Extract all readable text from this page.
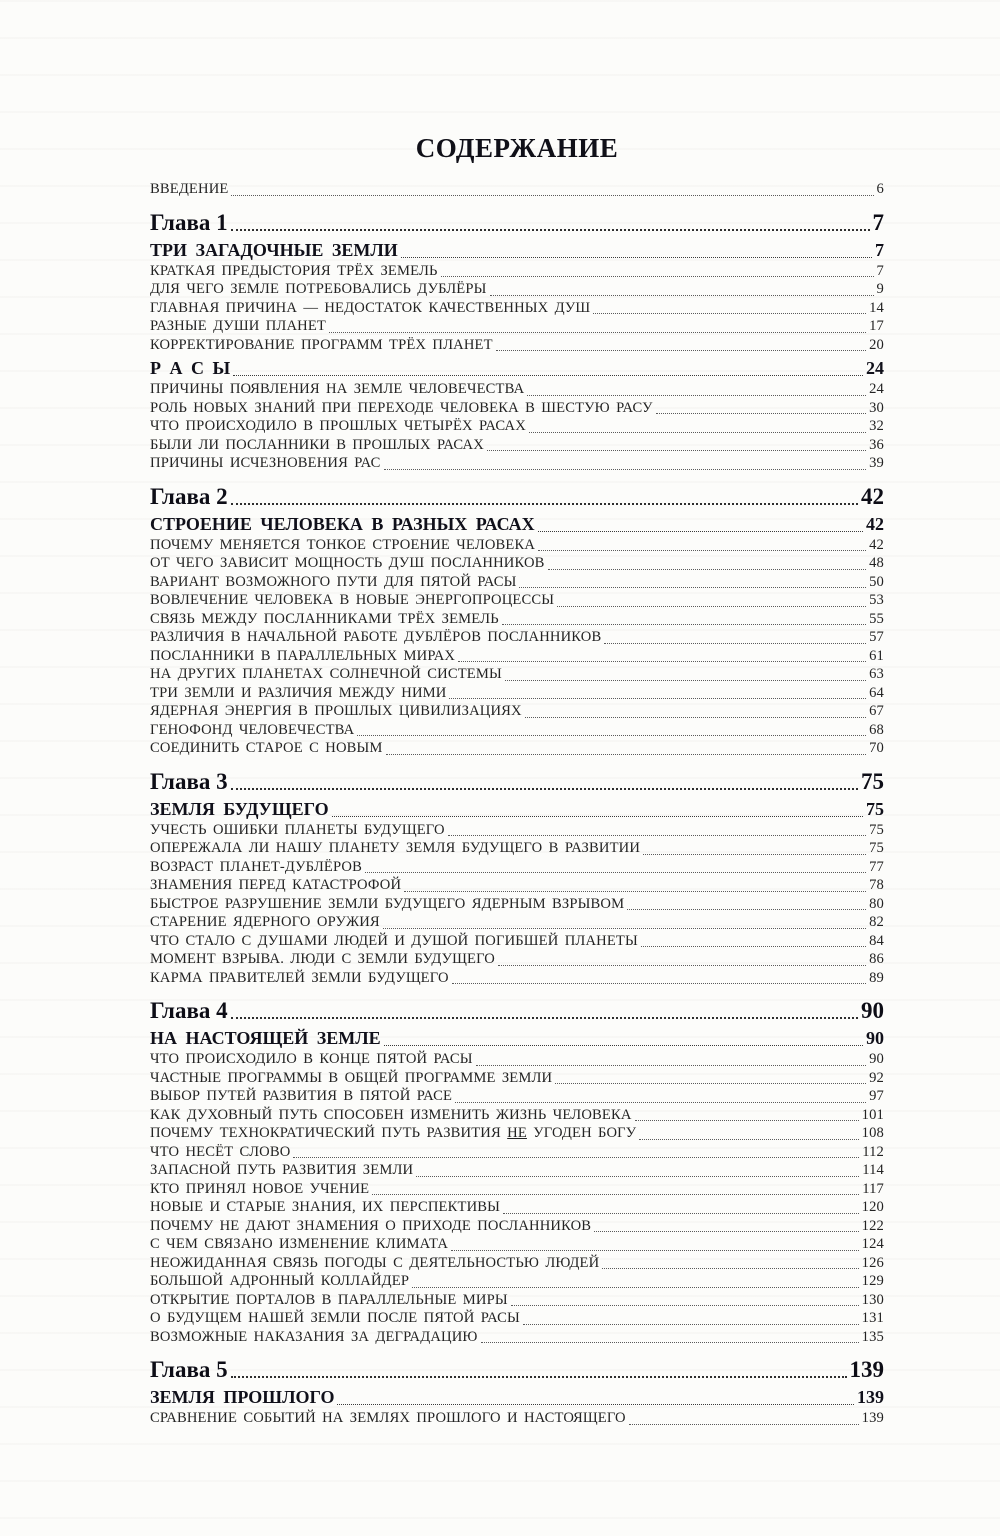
СОДЕРЖАНИЕ
ВВЕДЕНИЕ	6
Глава 1	7
ТРИ ЗАГАДОЧНЫЕ ЗЕМЛИ	7
КРАТКАЯ ПРЕДЫСТОРИЯ ТРЁХ ЗЕМЕЛЬ	7
ДЛЯ ЧЕГО ЗЕМЛЕ ПОТРЕБОВАЛИСЬ ДУБЛЁРЫ	9
ГЛАВНАЯ ПРИЧИНА — НЕДОСТАТОК КАЧЕСТВЕННЫХ ДУШ	14
РАЗНЫЕ ДУШИ ПЛАНЕТ	17
КОРРЕКТИРОВАНИЕ ПРОГРАММ ТРЁХ ПЛАНЕТ	20
Р А С Ы	24
ПРИЧИНЫ ПОЯВЛЕНИЯ НА ЗЕМЛЕ ЧЕЛОВЕЧЕСТВА	24
РОЛЬ НОВЫХ ЗНАНИЙ ПРИ ПЕРЕХОДЕ ЧЕЛОВЕКА В ШЕСТУЮ РАСУ	30
ЧТО ПРОИСХОДИЛО В ПРОШЛЫХ ЧЕТЫРЁХ РАСАХ	32
БЫЛИ ЛИ ПОСЛАННИКИ В ПРОШЛЫХ РАСАХ	36
ПРИЧИНЫ ИСЧЕЗНОВЕНИЯ РАС	39
Глава 2	42
СТРОЕНИЕ ЧЕЛОВЕКА В РАЗНЫХ РАСАХ	42
ПОЧЕМУ МЕНЯЕТСЯ ТОНКОЕ СТРОЕНИЕ ЧЕЛОВЕКА	42
ОТ ЧЕГО ЗАВИСИТ МОЩНОСТЬ ДУШ ПОСЛАННИКОВ	48
ВАРИАНТ ВОЗМОЖНОГО ПУТИ ДЛЯ ПЯТОЙ РАСЫ	50
ВОВЛЕЧЕНИЕ ЧЕЛОВЕКА В НОВЫЕ ЭНЕРГОПРОЦЕССЫ	53
СВЯЗЬ МЕЖДУ ПОСЛАННИКАМИ ТРЁХ ЗЕМЕЛЬ	55
РАЗЛИЧИЯ В НАЧАЛЬНОЙ РАБОТЕ ДУБЛЁРОВ ПОСЛАННИКОВ	57
ПОСЛАННИКИ В ПАРАЛЛЕЛЬНЫХ МИРАХ	61
НА ДРУГИХ ПЛАНЕТАХ СОЛНЕЧНОЙ СИСТЕМЫ	63
ТРИ ЗЕМЛИ И РАЗЛИЧИЯ МЕЖДУ НИМИ	64
ЯДЕРНАЯ ЭНЕРГИЯ В ПРОШЛЫХ ЦИВИЛИЗАЦИЯХ	67
ГЕНОФОНД ЧЕЛОВЕЧЕСТВА	68
СОЕДИНИТЬ СТАРОЕ С НОВЫМ	70
Глава 3	75
ЗЕМЛЯ БУДУЩЕГО	75
УЧЕСТЬ ОШИБКИ ПЛАНЕТЫ БУДУЩЕГО	75
ОПЕРЕЖАЛА ЛИ НАШУ ПЛАНЕТУ ЗЕМЛЯ БУДУЩЕГО В РАЗВИТИИ	75
ВОЗРАСТ ПЛАНЕТ-ДУБЛЁРОВ	77
ЗНАМЕНИЯ ПЕРЕД КАТАСТРОФОЙ	78
БЫСТРОЕ РАЗРУШЕНИЕ ЗЕМЛИ БУДУЩЕГО ЯДЕРНЫМ ВЗРЫВОМ	80
СТАРЕНИЕ ЯДЕРНОГО ОРУЖИЯ	82
ЧТО СТАЛО С ДУШАМИ ЛЮДЕЙ И ДУШОЙ ПОГИБШЕЙ ПЛАНЕТЫ	84
МОМЕНТ ВЗРЫВА. ЛЮДИ С ЗЕМЛИ БУДУЩЕГО	86
КАРМА ПРАВИТЕЛЕЙ ЗЕМЛИ БУДУЩЕГО	89
Глава 4	90
НА НАСТОЯЩЕЙ ЗЕМЛЕ	90
ЧТО ПРОИСХОДИЛО В КОНЦЕ ПЯТОЙ РАСЫ	90
ЧАСТНЫЕ ПРОГРАММЫ В ОБЩЕЙ ПРОГРАММЕ ЗЕМЛИ	92
ВЫБОР ПУТЕЙ РАЗВИТИЯ В ПЯТОЙ РАСЕ	97
КАК ДУХОВНЫЙ ПУТЬ СПОСОБЕН ИЗМЕНИТЬ ЖИЗНЬ ЧЕЛОВЕКА	101
ПОЧЕМУ ТЕХНОКРАТИЧЕСКИЙ ПУТЬ РАЗВИТИЯ НЕ УГОДЕН БОГУ	108
ЧТО НЕСЁТ СЛОВО	112
ЗАПАСНОЙ ПУТЬ РАЗВИТИЯ ЗЕМЛИ	114
КТО ПРИНЯЛ НОВОЕ УЧЕНИЕ	117
НОВЫЕ И СТАРЫЕ ЗНАНИЯ, ИХ ПЕРСПЕКТИВЫ	120
ПОЧЕМУ НЕ ДАЮТ ЗНАМЕНИЯ О ПРИХОДЕ ПОСЛАННИКОВ	122
С ЧЕМ СВЯЗАНО ИЗМЕНЕНИЕ КЛИМАТА	124
НЕОЖИДАННАЯ СВЯЗЬ ПОГОДЫ С ДЕЯТЕЛЬНОСТЬЮ ЛЮДЕЙ	126
БОЛЬШОЙ АДРОННЫЙ КОЛЛАЙДЕР	129
ОТКРЫТИЕ ПОРТАЛОВ В ПАРАЛЛЕЛЬНЫЕ МИРЫ	130
О БУДУЩЕМ НАШЕЙ ЗЕМЛИ ПОСЛЕ ПЯТОЙ РАСЫ	131
ВОЗМОЖНЫЕ НАКАЗАНИЯ ЗА ДЕГРАДАЦИЮ	135
Глава 5	139
ЗЕМЛЯ ПРОШЛОГО	139
СРАВНЕНИЕ СОБЫТИЙ НА ЗЕМЛЯХ ПРОШЛОГО И НАСТОЯЩЕГО	139
